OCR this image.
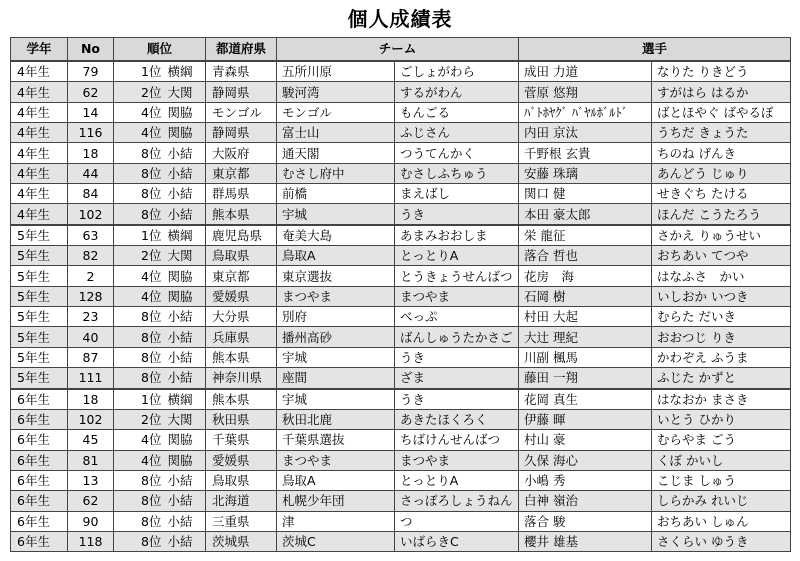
個人成績表
学年	No	順位	都道府県	チーム		選手	
4年生	79	1位 横綱	青森県	五所川原	ごしょがわら	成田 力道	なりた りきどう
4年生	62	2位 大関	静岡県	駿河湾	するがわん	菅原 悠翔	すがはら はるか
4年生	14	4位 関脇	モンゴル	モンゴル	もんごる	ﾊﾞﾄﾎﾔｸﾞ ﾊﾞﾔﾙﾎﾞﾙﾄﾞ	ばとほやぐ ばやるぼ
4年生	116	4位 関脇	静岡県	富士山	ふじさん	内田 京汰	うちだ きょうた
4年生	18	8位 小結	大阪府	通天閣	つうてんかく	千野根 玄貴	ちのね げんき
4年生	44	8位 小結	東京都	むさし府中	むさしふちゅう	安藤 珠璃	あんどう じゅり
4年生	84	8位 小結	群馬県	前橋	まえばし	関口 健	せきぐち たける
4年生	102	8位 小結	熊本県	宇城	うき	本田 豪太郎	ほんだ こうたろう
5年生	63	1位 横綱	鹿児島県	奄美大島	あまみおおしま	栄 龍征	さかえ りゅうせい
5年生	82	2位 大関	鳥取県	鳥取A	とっとりA	落合 哲也	おちあい てつや
5年生	2	4位 関脇	東京都	東京選抜	とうきょうせんばつ	花房　海	はなふさ　かい
5年生	128	4位 関脇	愛媛県	まつやま	まつやま	石岡 樹	いしおか いつき
5年生	23	8位 小結	大分県	別府	べっぷ	村田 大起	むらた だいき
5年生	40	8位 小結	兵庫県	播州高砂	ばんしゅうたかさご	大辻 理紀	おおつじ りき
5年生	87	8位 小結	熊本県	宇城	うき	川副 楓馬	かわぞえ ふうま
5年生	111	8位 小結	神奈川県	座間	ざま	藤田 一翔	ふじた かずと
6年生	18	1位 横綱	熊本県	宇城	うき	花岡 真生	はなおか まさき
6年生	102	2位 大関	秋田県	秋田北鹿	あきたほくろく	伊藤 暉	いとう ひかり
6年生	45	4位 関脇	千葉県	千葉県選抜	ちばけんせんばつ	村山 豪	むらやま ごう
6年生	81	4位 関脇	愛媛県	まつやま	まつやま	久保 海心	くぼ かいし
6年生	13	8位 小結	鳥取県	鳥取A	とっとりA	小嶋 秀	こじま しゅう
6年生	62	8位 小結	北海道	札幌少年団	さっぽろしょうねん	白神 嶺治	しらかみ れいじ
6年生	90	8位 小結	三重県	津	つ	落合 駿	おちあい しゅん
6年生	118	8位 小結	茨城県	茨城C	いばらきC	櫻井 雄基	さくらい ゆうき
